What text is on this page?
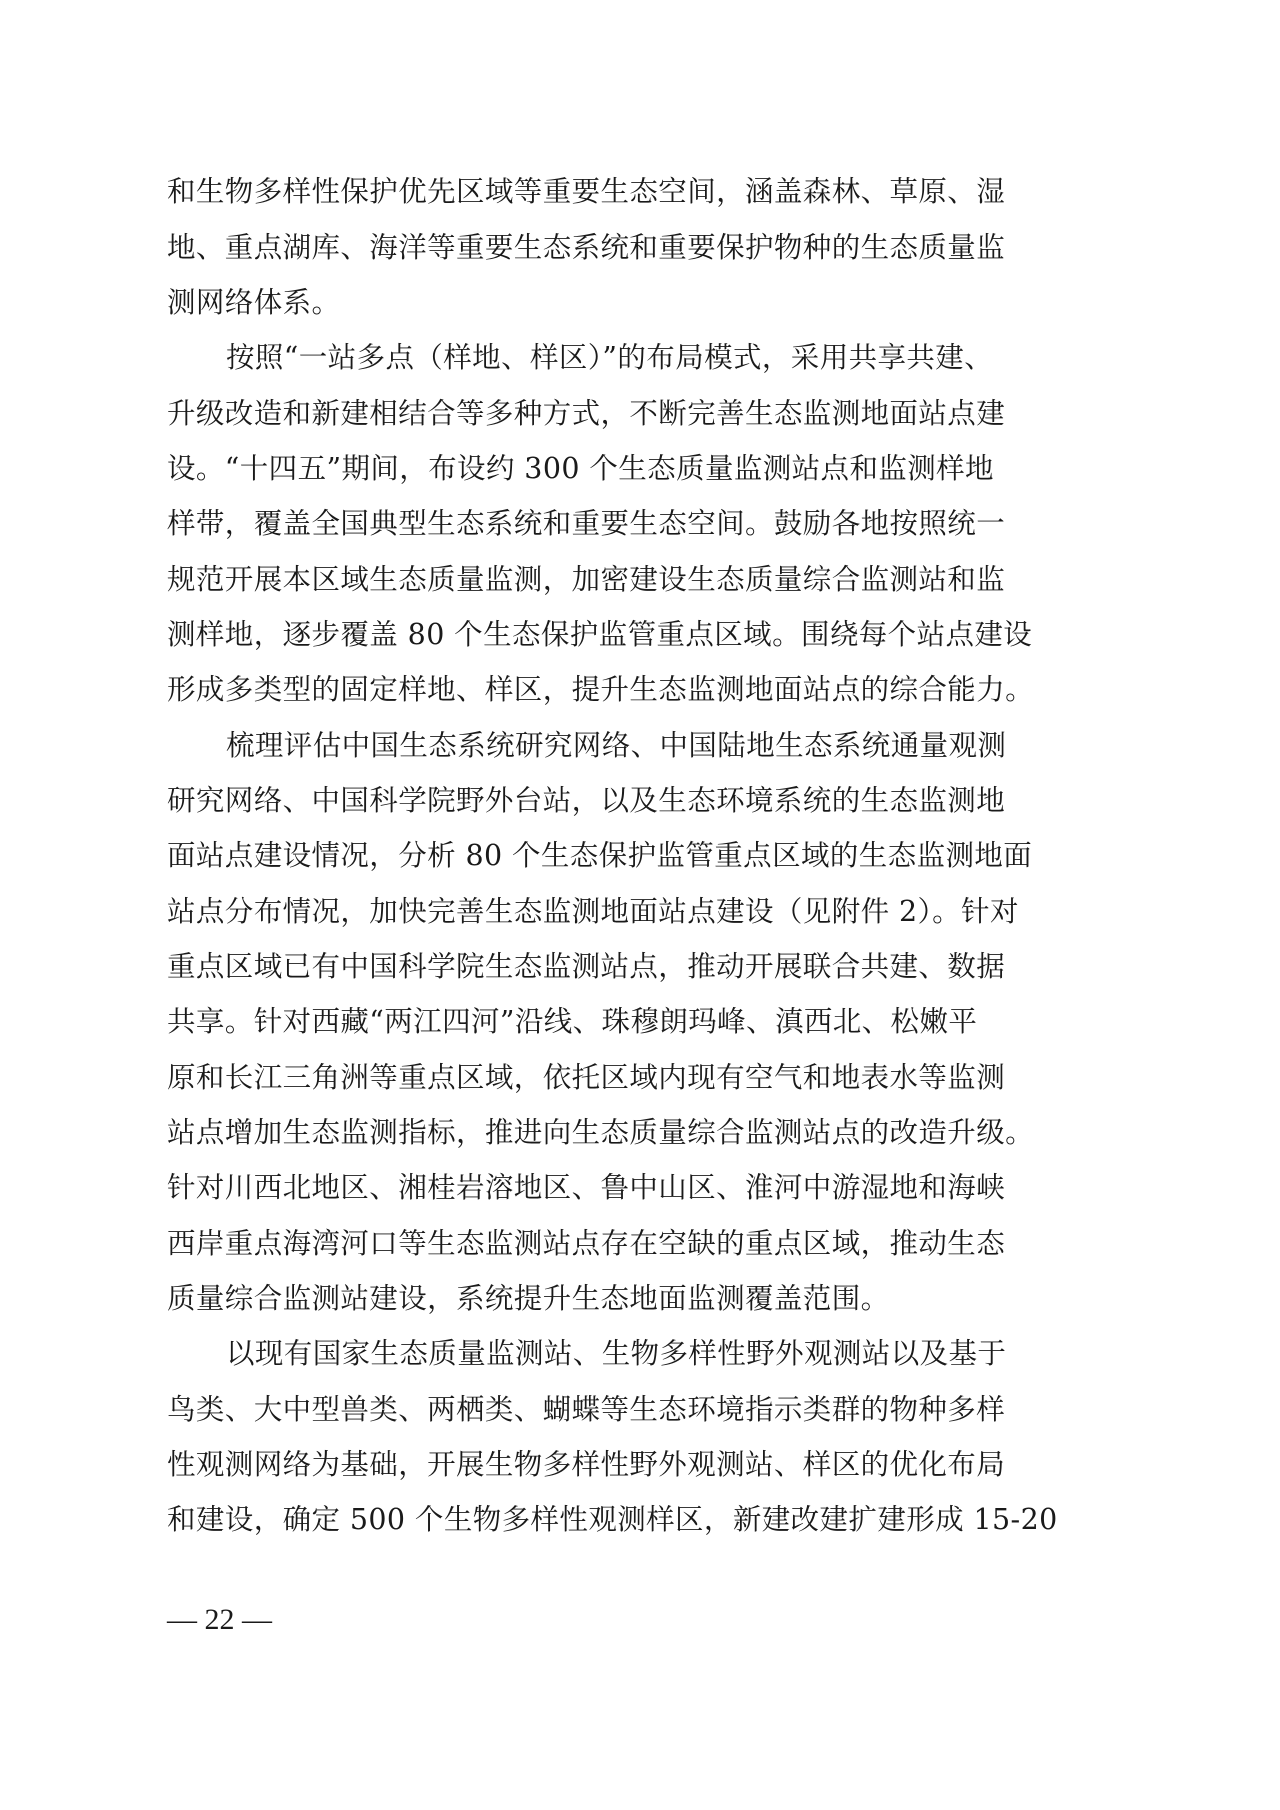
和生物多样性保护优先区域等重要生态空间，涵盖森林、草原、湿
地、重点湖库、海洋等重要生态系统和重要保护物种的生态质量监
测网络体系。
按照“一站多点（样地、样区）”的布局模式，采用共享共建、
升级改造和新建相结合等多种方式，不断完善生态监测地面站点建
设。“十四五”期间，布设约 300 个生态质量监测站点和监测样地
样带，覆盖全国典型生态系统和重要生态空间。鼓励各地按照统一
规范开展本区域生态质量监测，加密建设生态质量综合监测站和监
测样地，逐步覆盖 80 个生态保护监管重点区域。围绕每个站点建设
形成多类型的固定样地、样区，提升生态监测地面站点的综合能力。
梳理评估中国生态系统研究网络、中国陆地生态系统通量观测
研究网络、中国科学院野外台站，以及生态环境系统的生态监测地
面站点建设情况，分析 80 个生态保护监管重点区域的生态监测地面
站点分布情况，加快完善生态监测地面站点建设（见附件 2）。针对
重点区域已有中国科学院生态监测站点，推动开展联合共建、数据
共享。针对西藏“两江四河”沿线、珠穆朗玛峰、滇西北、松嫩平
原和长江三角洲等重点区域，依托区域内现有空气和地表水等监测
站点增加生态监测指标，推进向生态质量综合监测站点的改造升级。
针对川西北地区、湘桂岩溶地区、鲁中山区、淮河中游湿地和海峡
西岸重点海湾河口等生态监测站点存在空缺的重点区域，推动生态
质量综合监测站建设，系统提升生态地面监测覆盖范围。
以现有国家生态质量监测站、生物多样性野外观测站以及基于
鸟类、大中型兽类、两栖类、蝴蝶等生态环境指示类群的物种多样
性观测网络为基础，开展生物多样性野外观测站、样区的优化布局
和建设，确定 500 个生物多样性观测样区，新建改建扩建形成 15-20
— 22 —
